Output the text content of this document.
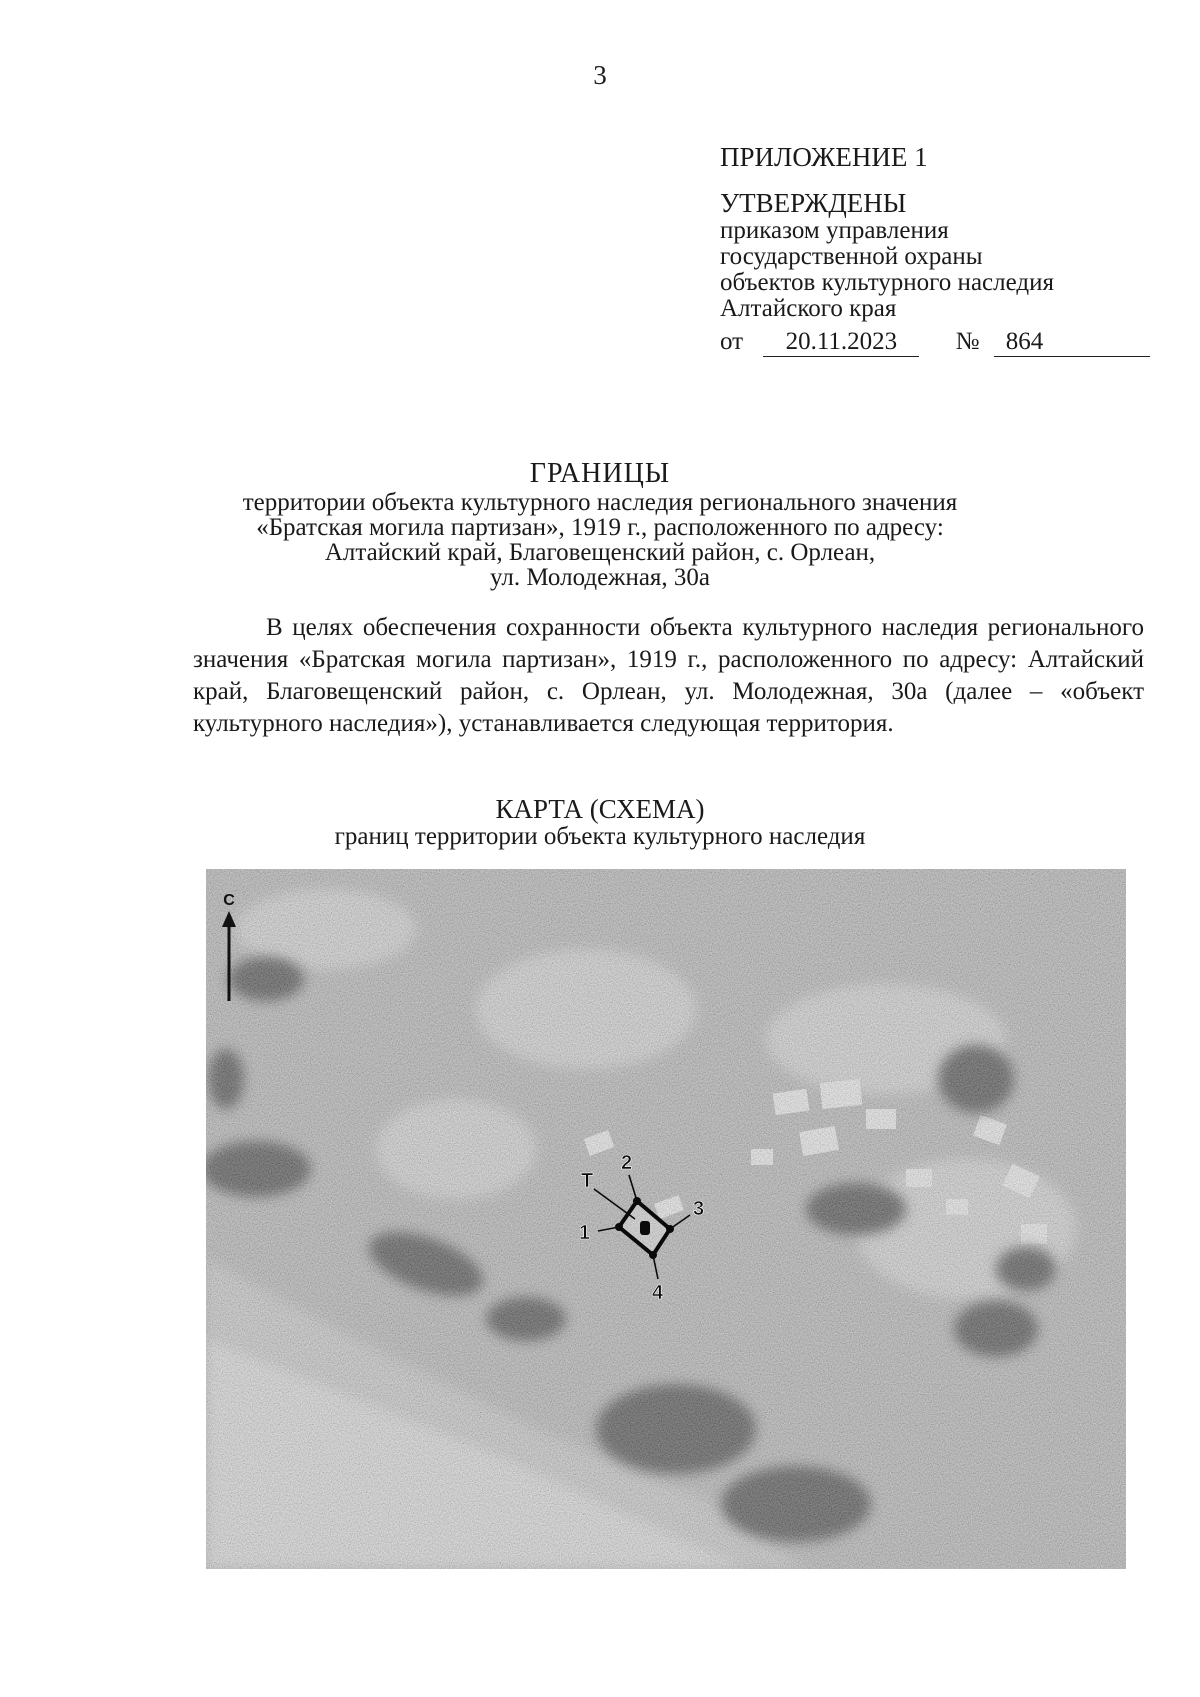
3
ПРИЛОЖЕНИЕ 1
УТВЕРЖДЕНЫ
приказом управления
государственной охраны
объектов культурного наследия
Алтайского края
от 20.11.2023 № 864
ГРАНИЦЫ
территории объекта культурного наследия регионального значения
«Братская могила партизан», 1919 г., расположенного по адресу:
Алтайский край, Благовещенский район, с. Орлеан,
ул. Молодежная, 30а
В целях обеспечения сохранности объекта культурного наследия регионального значения «Братская могила партизан», 1919 г., расположенного по адресу: Алтайский край, Благовещенский район, с. Орлеан, ул. Молодежная, 30а (далее – «объект культурного наследия»), устанавливается следующая территория.
КАРТА (СХЕМА)
границ территории объекта культурного наследия
С
1
2
3
4
Т
